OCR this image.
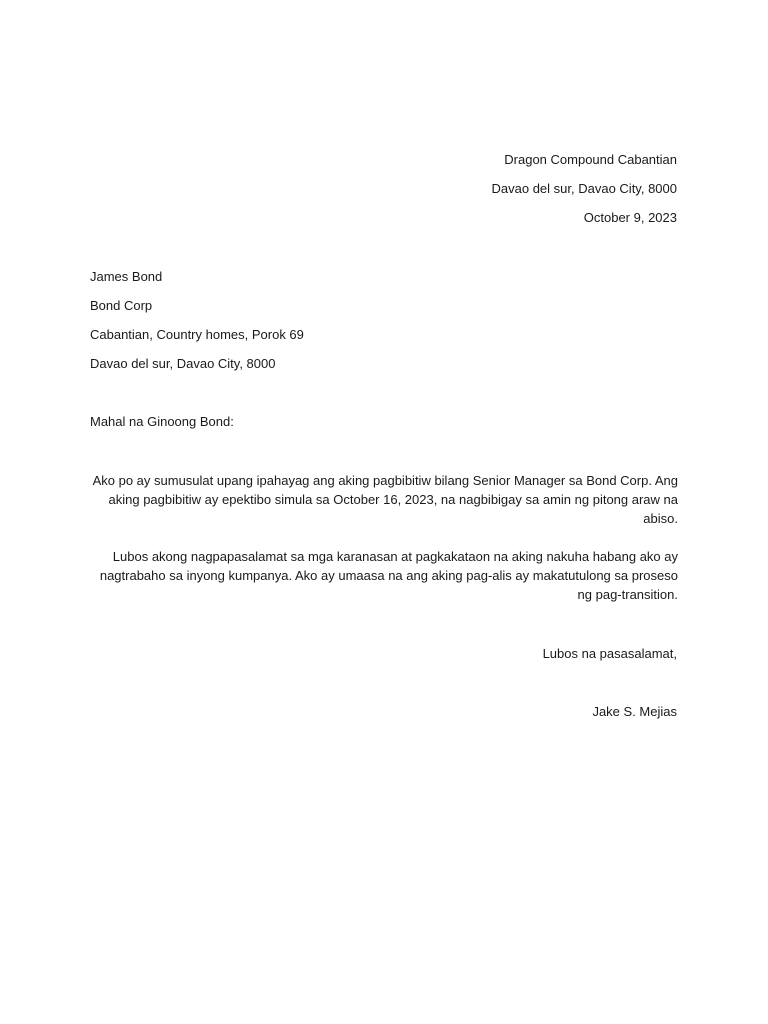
Dragon Compound Cabantian
Davao del sur, Davao City, 8000
October 9, 2023
James Bond
Bond Corp
Cabantian, Country homes, Porok 69
Davao del sur, Davao City, 8000
Mahal na Ginoong Bond:

Ako po ay sumusulat upang ipahayag ang aking pagbibitiw bilang Senior Manager sa Bond Corp. Ang aking pagbibitiw ay epektibo simula sa October 16, 2023, na nagbibigay sa amin ng pitong araw na abiso.

Lubos akong nagpapasalamat sa mga karanasan at pagkakataon na aking nakuha habang ako ay nagtrabaho sa inyong kumpanya. Ako ay umaasa na ang aking pag-alis ay makatutulong sa proseso ng pag-transition.

Lubos na pasasalamat,
Jake S. Mejias
